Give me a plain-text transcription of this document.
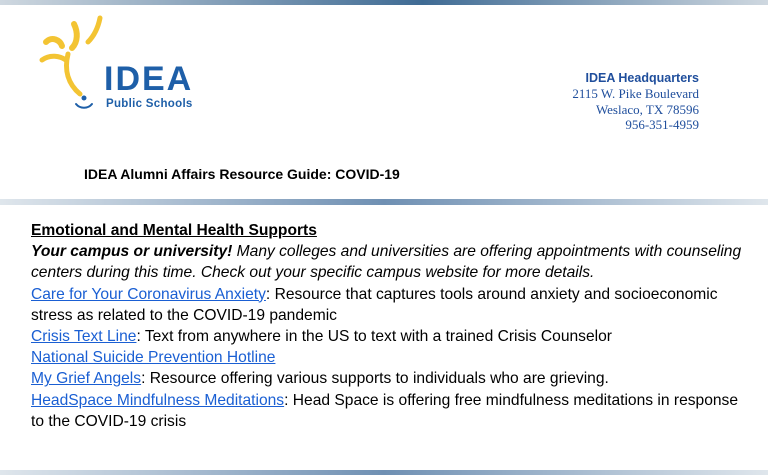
IDEA
Public Schools
IDEA Headquarters
2115 W. Pike Boulevard
Weslaco, TX 78596
956-351-4959
IDEA Alumni Affairs Resource Guide: COVID-19

Emotional and Mental Health Supports

Your campus or university! Many colleges and universities are offering appointments with counseling centers during this time. Check out your specific campus website for more details.

Care for Your Coronavirus Anxiety: Resource that captures tools around anxiety and socioeconomic stress as related to the COVID-19 pandemic

Crisis Text Line: Text from anywhere in the US to text with a trained Crisis Counselor

National Suicide Prevention Hotline

My Grief Angels: Resource offering various supports to individuals who are grieving.

HeadSpace Mindfulness Meditations: Head Space is offering free mindfulness meditations in response to the COVID-19 crisis
